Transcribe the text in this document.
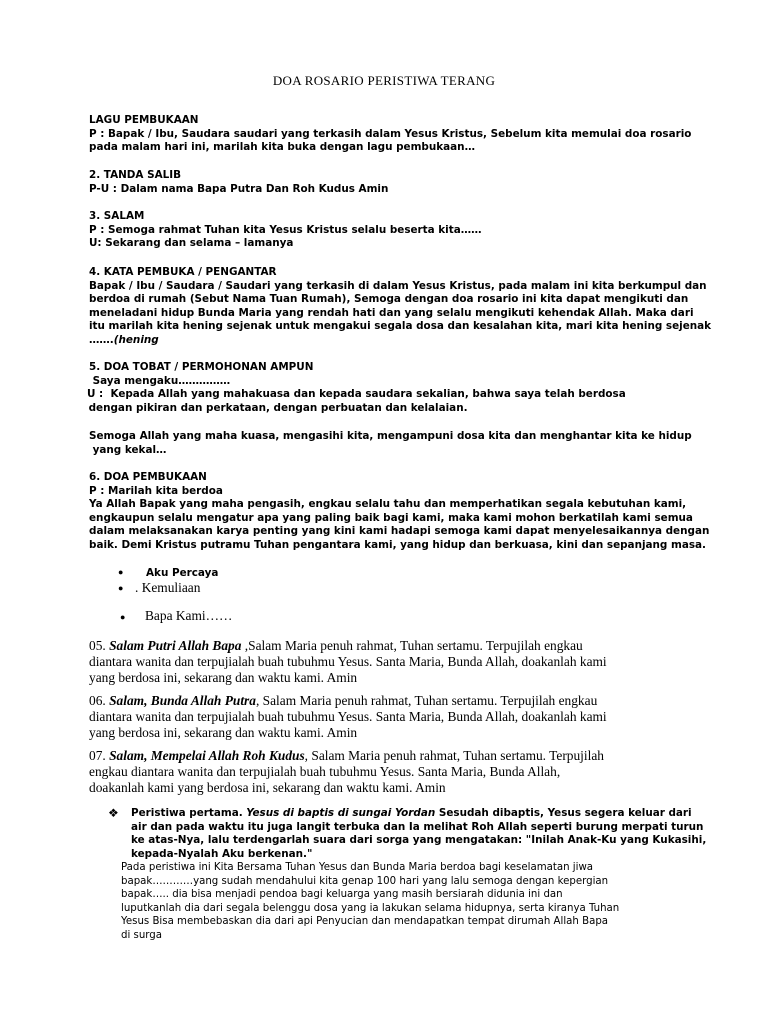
DOA ROSARIO PERISTIWA TERANG
LAGU PEMBUKAAN
P : Bapak / Ibu, Saudara saudari yang terkasih dalam Yesus Kristus, Sebelum kita memulai doa rosario
pada malam hari ini, marilah kita buka dengan lagu pembukaan…
2. TANDA SALIB
P-U : Dalam nama Bapa Putra Dan Roh Kudus Amin
3. SALAM
P : Semoga rahmat Tuhan kita Yesus Kristus selalu beserta kita……
U: Sekarang dan selama – lamanya
4. KATA PEMBUKA / PENGANTAR
Bapak / Ibu / Saudara / Saudari yang terkasih di dalam Yesus Kristus, pada malam ini kita berkumpul dan
berdoa di rumah (Sebut Nama Tuan Rumah), Semoga dengan doa rosario ini kita dapat mengikuti dan
meneladani hidup Bunda Maria yang rendah hati dan yang selalu mengikuti kehendak Allah. Maka dari
itu marilah kita hening sejenak untuk mengakui segala dosa dan kesalahan kita, mari kita hening sejenak
…….(hening
5. DOA TOBAT / PERMOHONAN AMPUN
Saya mengaku……………
U :  Kepada Allah yang mahakuasa dan kepada saudara sekalian, bahwa saya telah berdosa
dengan pikiran dan perkataan, dengan perbuatan dan kelalaian.
Semoga Allah yang maha kuasa, mengasihi kita, mengampuni dosa kita dan menghantar kita ke hidup
yang kekal…
6. DOA PEMBUKAAN
P : Marilah kita berdoa
Ya Allah Bapak yang maha pengasih, engkau selalu tahu dan memperhatikan segala kebutuhan kami,
engkaupun selalu mengatur apa yang paling baik bagi kami, maka kami mohon berkatilah kami semua
dalam melaksanakan karya penting yang kini kami hadapi semoga kami dapat menyelesaikannya dengan
baik. Demi Kristus putramu Tuhan pengantara kami, yang hidup dan berkuasa, kini dan sepanjang masa.
● Aku Percaya
● . Kemuliaan
● Bapa Kami……
05. Salam Putri Allah Bapa ,Salam Maria penuh rahmat, Tuhan sertamu. Terpujilah engkau
diantara wanita dan terpujialah buah tubuhmu Yesus. Santa Maria, Bunda Allah, doakanlah kami
yang berdosa ini, sekarang dan waktu kami. Amin
06. Salam, Bunda Allah Putra, Salam Maria penuh rahmat, Tuhan sertamu. Terpujilah engkau
diantara wanita dan terpujialah buah tubuhmu Yesus. Santa Maria, Bunda Allah, doakanlah kami
yang berdosa ini, sekarang dan waktu kami. Amin
07. Salam, Mempelai Allah Roh Kudus, Salam Maria penuh rahmat, Tuhan sertamu. Terpujilah
engkau diantara wanita dan terpujialah buah tubuhmu Yesus. Santa Maria, Bunda Allah,
doakanlah kami yang berdosa ini, sekarang dan waktu kami. Amin
❖ Peristiwa pertama. Yesus di baptis di sungai Yordan Sesudah dibaptis, Yesus segera keluar dari
air dan pada waktu itu juga langit terbuka dan Ia melihat Roh Allah seperti burung merpati turun
ke atas-Nya, lalu terdengarlah suara dari sorga yang mengatakan: "Inilah Anak-Ku yang Kukasihi,
kepada-Nyalah Aku berkenan."
Pada peristiwa ini Kita Bersama Tuhan Yesus dan Bunda Maria berdoa bagi keselamatan jiwa
bapak…………yang sudah mendahului kita genap 100 hari yang lalu semoga dengan kepergian
bapak….. dia bisa menjadi pendoa bagi keluarga yang masih bersiarah didunia ini dan
luputkanlah dia dari segala belenggu dosa yang ia lakukan selama hidupnya, serta kiranya Tuhan
Yesus Bisa membebaskan dia dari api Penyucian dan mendapatkan tempat dirumah Allah Bapa
di surga
